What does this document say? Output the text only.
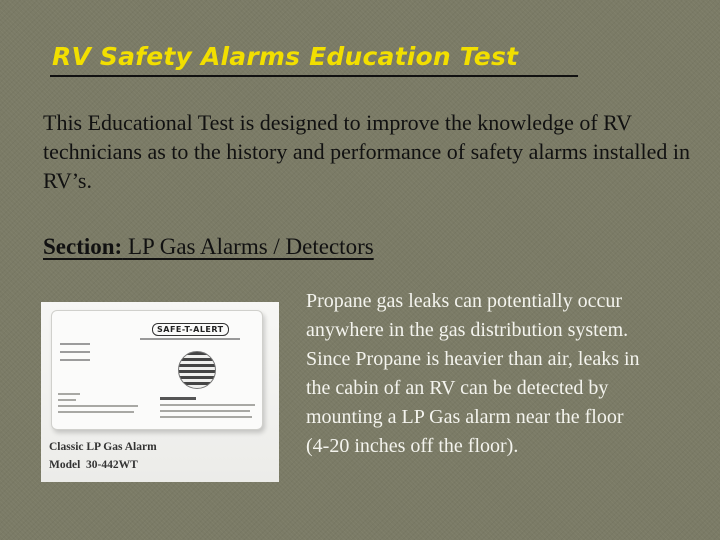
RV Safety Alarms Education Test
This Educational Test is designed to improve the knowledge of RV technicians as to the history and performance of safety alarms installed in RV’s.
Section: LP Gas Alarms / Detectors
SAFE-T-ALERT
Classic LP Gas Alarm
Model  30-442WT
Propane gas leaks can potentially occur anywhere in the gas distribution system. Since Propane is heavier than air, leaks in the cabin of an RV can be detected by mounting a LP Gas alarm near the floor (4-20 inches off the floor).
